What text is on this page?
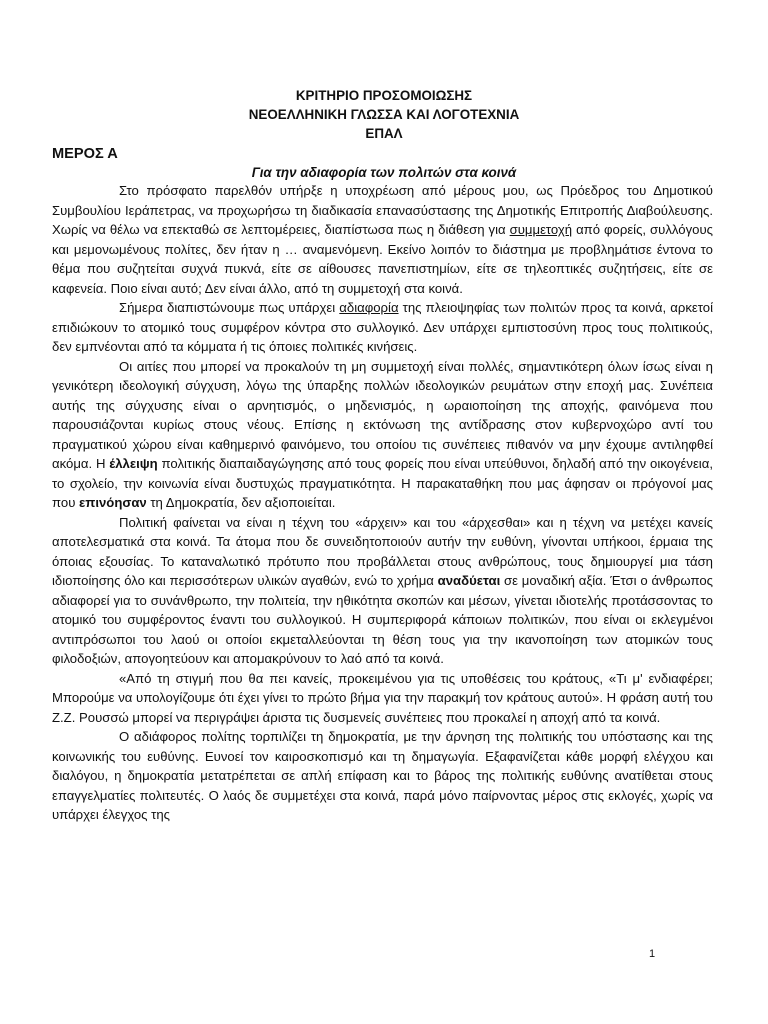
ΚΡΙΤΗΡΙΟ ΠΡΟΣΟΜΟΙΩΣΗΣ
ΝΕΟΕΛΛΗΝΙΚΗ ΓΛΩΣΣΑ ΚΑΙ ΛΟΓΟΤΕΧΝΙΑ
ΕΠΑΛ
ΜΕΡΟΣ Α
Για την αδιαφορία των πολιτών στα κοινά

Στο πρόσφατο παρελθόν υπήρξε η υποχρέωση από μέρους μου, ως Πρόεδρος του Δημοτικού Συμβουλίου Ιεράπετρας, να προχωρήσω τη διαδικασία επανασύστασης της Δημοτικής Επιτροπής Διαβούλευσης. Χωρίς να θέλω να επεκταθώ σε λεπτομέρειες, διαπίστωσα πως η διάθεση για συμμετοχή από φορείς, συλλόγους και μεμονωμένους πολίτες, δεν ήταν η … αναμενόμενη. Εκείνο λοιπόν το διάστημα με προβλημάτισε έντονα το θέμα που συζητείται συχνά πυκνά, είτε σε αίθουσες πανεπιστημίων, είτε σε τηλεοπτικές συζητήσεις, είτε σε καφενεία. Ποιο είναι αυτό; Δεν είναι άλλο, από τη συμμετοχή στα κοινά.

Σήμερα διαπιστώνουμε πως υπάρχει αδιαφορία της πλειοψηφίας των πολιτών προς τα κοινά, αρκετοί επιδιώκουν το ατομικό τους συμφέρον κόντρα στο συλλογικό. Δεν υπάρχει εμπιστοσύνη προς τους πολιτικούς, δεν εμπνέονται από τα κόμματα ή τις όποιες πολιτικές κινήσεις.

Οι αιτίες που μπορεί να προκαλούν τη μη συμμετοχή είναι πολλές, σημαντικότερη όλων ίσως είναι η γενικότερη ιδεολογική σύγχυση, λόγω της ύπαρξης πολλών ιδεολογικών ρευμάτων στην εποχή μας. Συνέπεια αυτής της σύγχυσης είναι ο αρνητισμός, ο μηδενισμός, η ωραιοποίηση της αποχής, φαινόμενα που παρουσιάζονται κυρίως στους νέους. Επίσης η εκτόνωση της αντίδρασης στον κυβερνοχώρο αντί του πραγματικού χώρου είναι καθημερινό φαινόμενο, του οποίου τις συνέπειες πιθανόν να μην έχουμε αντιληφθεί ακόμα. Η έλλειψη πολιτικής διαπαιδαγώγησης από τους φορείς που είναι υπεύθυνοι, δηλαδή από την οικογένεια, το σχολείο, την κοινωνία είναι δυστυχώς πραγματικότητα. Η παρακαταθήκη που μας άφησαν οι πρόγονοί μας που επινόησαν τη Δημοκρατία, δεν αξιοποιείται.

Πολιτική φαίνεται να είναι η τέχνη του «άρχειν» και του «άρχεσθαι» και η τέχνη να μετέχει κανείς αποτελεσματικά στα κοινά. Τα άτομα που δε συνειδητοποιούν αυτήν την ευθύνη, γίνονται υπήκοοι, έρμαια της όποιας εξουσίας. Το καταναλωτικό πρότυπο που προβάλλεται στους ανθρώπους, τους δημιουργεί μια τάση ιδιοποίησης όλο και περισσότερων υλικών αγαθών, ενώ το χρήμα αναδύεται σε μοναδική αξία. Έτσι ο άνθρωπος αδιαφορεί για το συνάνθρωπο, την πολιτεία, την ηθικότητα σκοπών και μέσων, γίνεται ιδιοτελής προτάσσοντας το ατομικό του συμφέροντος έναντι του συλλογικού. Η συμπεριφορά κάποιων πολιτικών, που είναι οι εκλεγμένοι αντιπρόσωποι του λαού οι οποίοι εκμεταλλεύονται τη θέση τους για την ικανοποίηση των ατομικών τους φιλοδοξιών, απογοητεύουν και απομακρύνουν το λαό από τα κοινά.

«Από τη στιγμή που θα πει κανείς, προκειμένου για τις υποθέσεις του κράτους, «Τι μ' ενδιαφέρει; Μπορούμε να υπολογίζουμε ότι έχει γίνει το πρώτο βήμα για την παρακμή τον κράτους αυτού». Η φράση αυτή του Ζ.Ζ. Ρουσσώ μπορεί να περιγράψει άριστα τις δυσμενείς συνέπειες που προκαλεί η αποχή από τα κοινά.

Ο αδιάφορος πολίτης τορπιλίζει τη δημοκρατία, με την άρνηση της πολιτικής του υπόστασης και της κοινωνικής του ευθύνης. Ευνοεί τον καιροσκοπισμό και τη δημαγωγία. Εξαφανίζεται κάθε μορφή ελέγχου και διαλόγου, η δημοκρατία μετατρέπεται σε απλή επίφαση και το βάρος της πολιτικής ευθύνης ανατίθεται στους επαγγελματίες πολιτευτές. Ο λαός δε συμμετέχει στα κοινά, παρά μόνο παίρνοντας μέρος στις εκλογές, χωρίς να υπάρχει έλεγχος της

1
